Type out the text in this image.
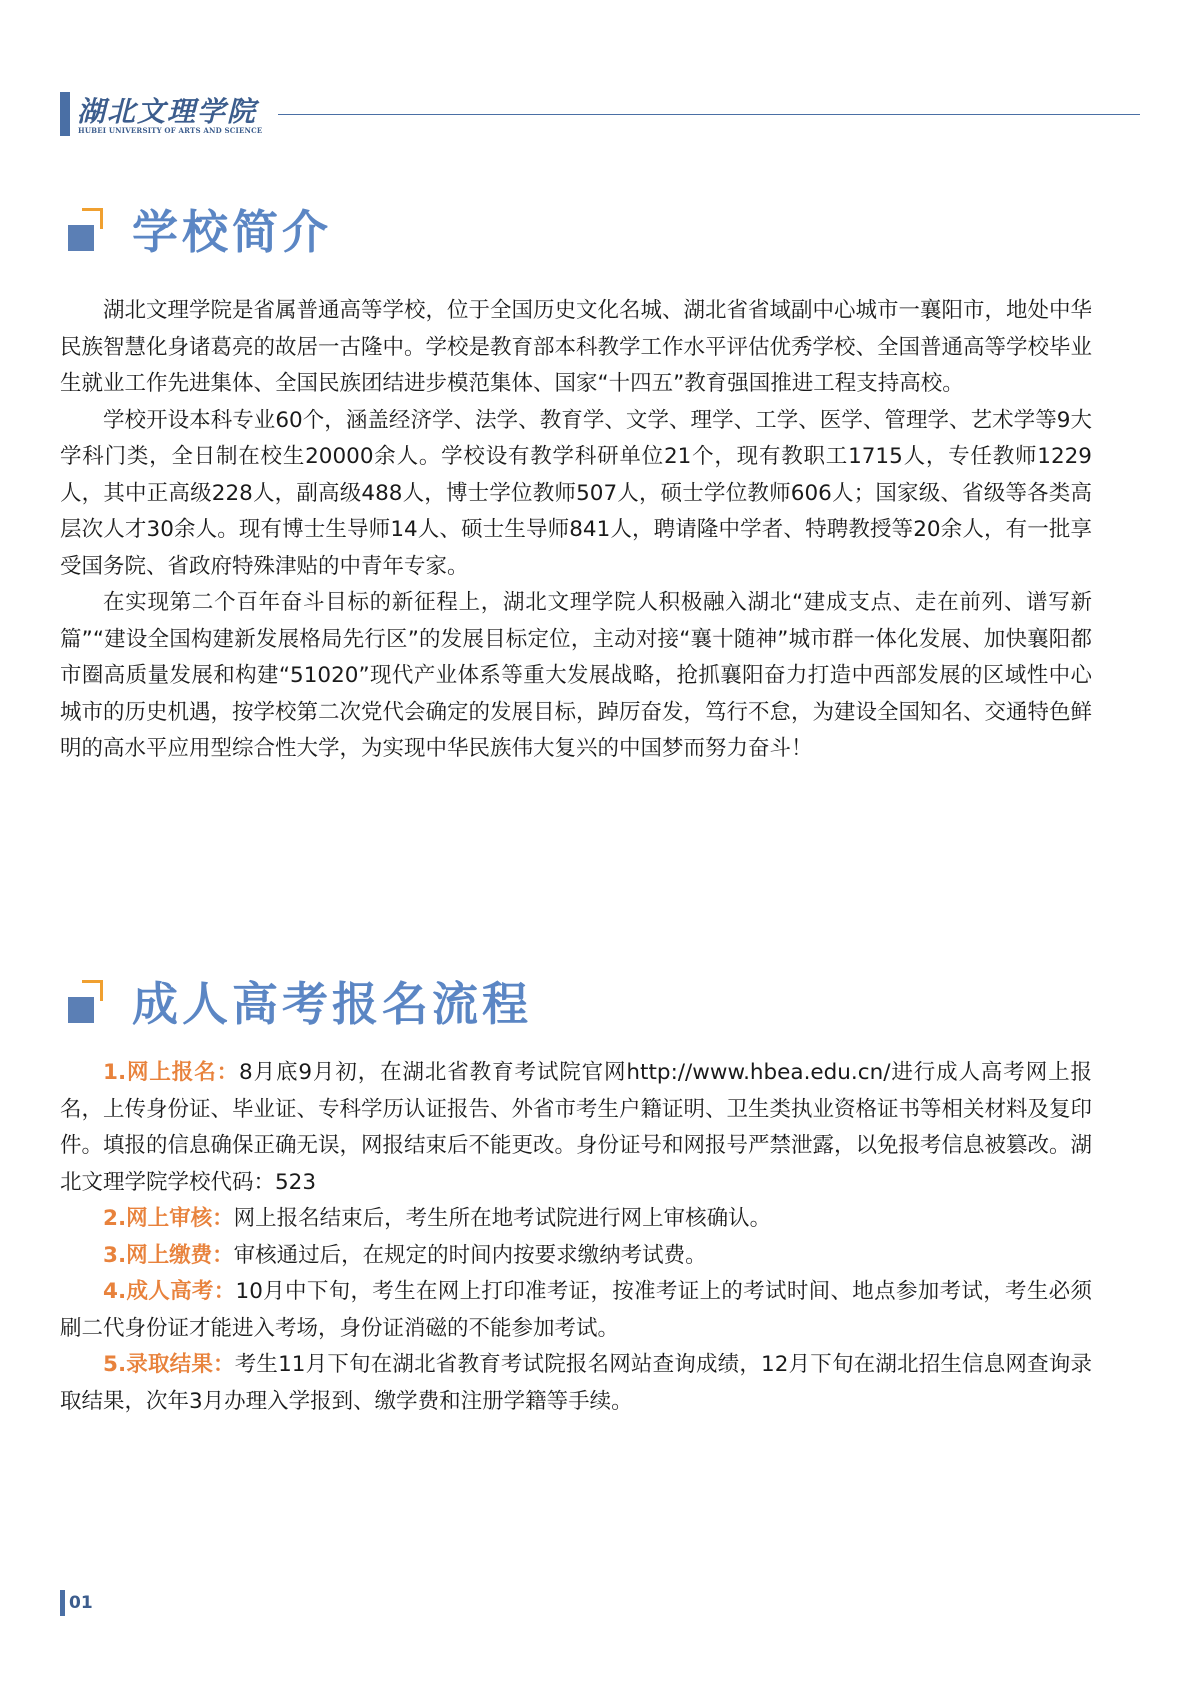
湖北文理学院
HUBEI UNIVERSITY OF ARTS AND SCIENCE
学校简介

湖北文理学院是省属普通高等学校，位于全国历史文化名城、湖北省省域副中心城市一襄阳市，地处中华民族智慧化身诸葛亮的故居一古隆中。学校是教育部本科教学工作水平评估优秀学校、全国普通高等学校毕业生就业工作先进集体、全国民族团结进步模范集体、国家“十四五”教育强国推进工程支持高校。

学校开设本科专业60个，涵盖经济学、法学、教育学、文学、理学、工学、医学、管理学、艺术学等9大学科门类，全日制在校生20000余人。学校设有教学科研单位21个，现有教职工1715人，专任教师1229人，其中正高级228人，副高级488人，博士学位教师507人，硕士学位教师606人；国家级、省级等各类高层次人才30余人。现有博士生导师14人、硕士生导师841人，聘请隆中学者、特聘教授等20余人，有一批享受国务院、省政府特殊津贴的中青年专家。

在实现第二个百年奋斗目标的新征程上，湖北文理学院人积极融入湖北“建成支点、走在前列、谱写新篇”“建设全国构建新发展格局先行区”的发展目标定位，主动对接“襄十随神”城市群一体化发展、加快襄阳都市圈高质量发展和构建“51020”现代产业体系等重大发展战略，抢抓襄阳奋力打造中西部发展的区域性中心城市的历史机遇，按学校第二次党代会确定的发展目标，踔厉奋发，笃行不怠，为建设全国知名、交通特色鲜明的高水平应用型综合性大学，为实现中华民族伟大复兴的中国梦而努力奋斗！

成人高考报名流程

1.网上报名：8月底9月初，在湖北省教育考试院官网http://www.hbea.edu.cn/进行成人高考网上报名，上传身份证、毕业证、专科学历认证报告、外省市考生户籍证明、卫生类执业资格证书等相关材料及复印件。填报的信息确保正确无误，网报结束后不能更改。身份证号和网报号严禁泄露，以免报考信息被篡改。湖北文理学院学校代码：523

2.网上审核：网上报名结束后，考生所在地考试院进行网上审核确认。

3.网上缴费：审核通过后，在规定的时间内按要求缴纳考试费。

4.成人高考：10月中下旬，考生在网上打印准考证，按准考证上的考试时间、地点参加考试，考生必须刷二代身份证才能进入考场，身份证消磁的不能参加考试。

5.录取结果：考生11月下旬在湖北省教育考试院报名网站查询成绩，12月下旬在湖北招生信息网查询录取结果，次年3月办理入学报到、缴学费和注册学籍等手续。

01
